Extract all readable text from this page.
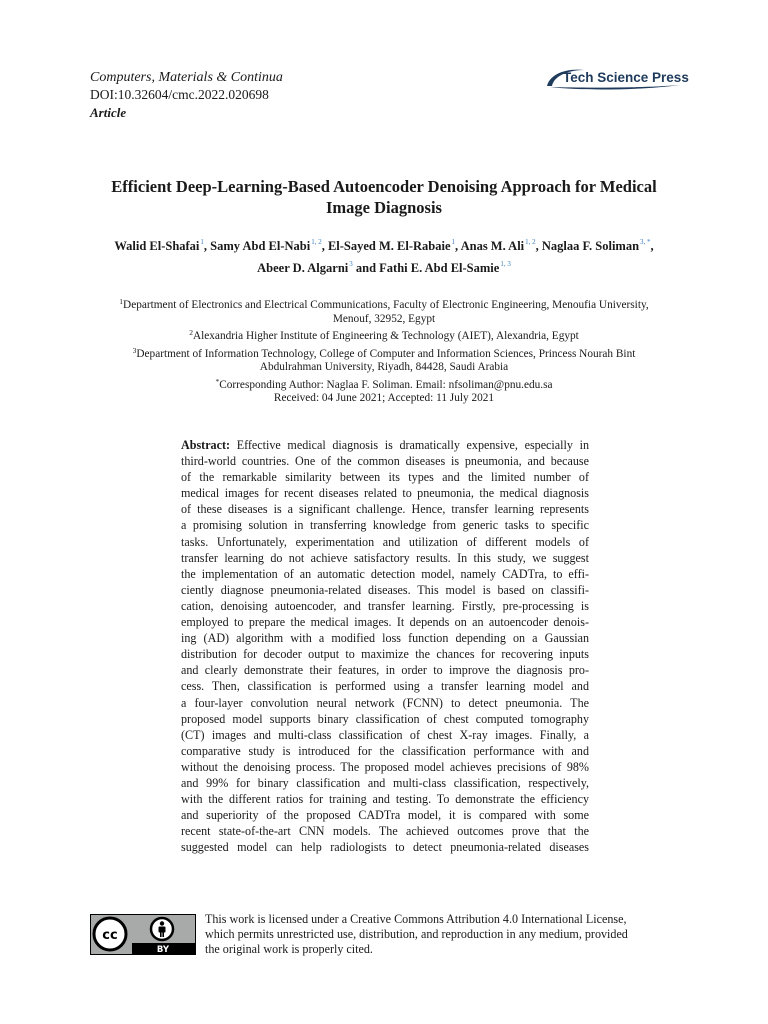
Computers, Materials & Continua
DOI:10.32604/cmc.2022.020698
Article
Tech Science Press
Efficient Deep-Learning-Based Autoencoder Denoising Approach for Medical
Image Diagnosis
Walid El-Shafai$^1$, Samy Abd El-Nabi$^{1, 2}$, El-Sayed M. El-Rabaie$^1$, Anas M. Ali$^{1, 2}$, Naglaa F. Soliman$^{3, *}$,
Abeer D. Algarni$^3$ and Fathi E. Abd El-Samie$^{1, 3}$
$^1$Department of Electronics and Electrical Communications, Faculty of Electronic Engineering, Menoufia University,
Menouf, 32952, Egypt
$^2$Alexandria Higher Institute of Engineering & Technology (AIET), Alexandria, Egypt
$^3$Department of Information Technology, College of Computer and Information Sciences, Princess Nourah Bint
Abdulrahman University, Riyadh, 84428, Saudi Arabia
*Corresponding Author: Naglaa F. Soliman. Email: nfsoliman@pnu.edu.sa
Received: 04 June 2021; Accepted: 11 July 2021
Abstract: Effective medical diagnosis is dramatically expensive, especially in
third-world countries. One of the common diseases is pneumonia, and because
of the remarkable similarity between its types and the limited number of
medical images for recent diseases related to pneumonia, the medical diagnosis
of these diseases is a significant challenge. Hence, transfer learning represents
a promising solution in transferring knowledge from generic tasks to specific
tasks. Unfortunately, experimentation and utilization of different models of
transfer learning do not achieve satisfactory results. In this study, we suggest
the implementation of an automatic detection model, namely CADTra, to effi-
ciently diagnose pneumonia-related diseases. This model is based on classifi-
cation, denoising autoencoder, and transfer learning. Firstly, pre-processing is
employed to prepare the medical images. It depends on an autoencoder denois-
ing (AD) algorithm with a modified loss function depending on a Gaussian
distribution for decoder output to maximize the chances for recovering inputs
and clearly demonstrate their features, in order to improve the diagnosis pro-
cess. Then, classification is performed using a transfer learning model and
a four-layer convolution neural network (FCNN) to detect pneumonia. The
proposed model supports binary classification of chest computed tomography
(CT) images and multi-class classification of chest X-ray images. Finally, a
comparative study is introduced for the classification performance with and
without the denoising process. The proposed model achieves precisions of 98%
and 99% for binary classification and multi-class classification, respectively,
with the different ratios for training and testing. To demonstrate the efficiency
and superiority of the proposed CADTra model, it is compared with some
recent state-of-the-art CNN models. The achieved outcomes prove that the
suggested model can help radiologists to detect pneumonia-related diseases
cc
BY
This work is licensed under a Creative Commons Attribution 4.0 International License,
which permits unrestricted use, distribution, and reproduction in any medium, provided
the original work is properly cited.
